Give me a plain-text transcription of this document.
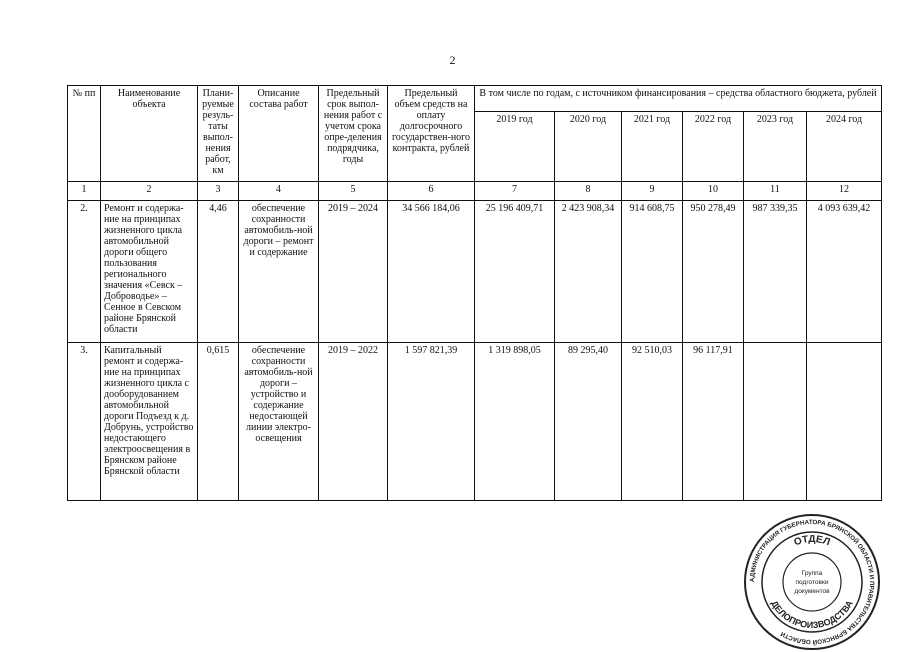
2
№ пп	Наименование объекта	Плани-руемые резуль-таты выпол-нения работ, км	Описание состава работ	Предельный срок выпол-нения работ с учетом срока опре-деления подрядчика, годы	Предельный объем средств на оплату долгосрочного государствен-ного контракта, рублей	В том числе по годам, с источником финансирования – средства областного бюджета, рублей					
						2019 год	2020 год	2021 год	2022 год	2023 год	2024 год
1	2	3	4	5	6	7	8	9	10	11	12
2.	Ремонт и содержа-ние на принципах жизненного цикла автомобильной дороги общего пользования регионального значения «Севск – Доброводье» – Сенное в Севском районе Брянской области	4,46	обеспечение сохранности автомобиль-ной дороги – ремонт и содержание	2019 – 2024	34 566 184,06	25 196 409,71	2 423 908,34	914 608,75	950 278,49	987 339,35	4 093 639,42
3.	Капитальный ремонт и содержа-ние на принципах жизненного цикла с дооборудованием автомобильной дороги Подъезд к д. Добрунь, устройство недостающего электроосвещения в Брянском районе Брянской области	0,615	обеспечение сохранности автомобиль-ной дороги – устройство и содержание недостающей линии электро-освещения	2019 – 2022	1 597 821,39	1 319 898,05	89 295,40	92 510,03	96 117,91		
АДМИНИСТРАЦИЯ ГУБЕРНАТОРА БРЯНСКОЙ ОБЛАСТИ И ПРАВИТЕЛЬСТВА БРЯНСКОЙ ОБЛАСТИ
ОТДЕЛ
ДЕЛОПРОИЗВОДСТВА
Группа
подготовки
документов
